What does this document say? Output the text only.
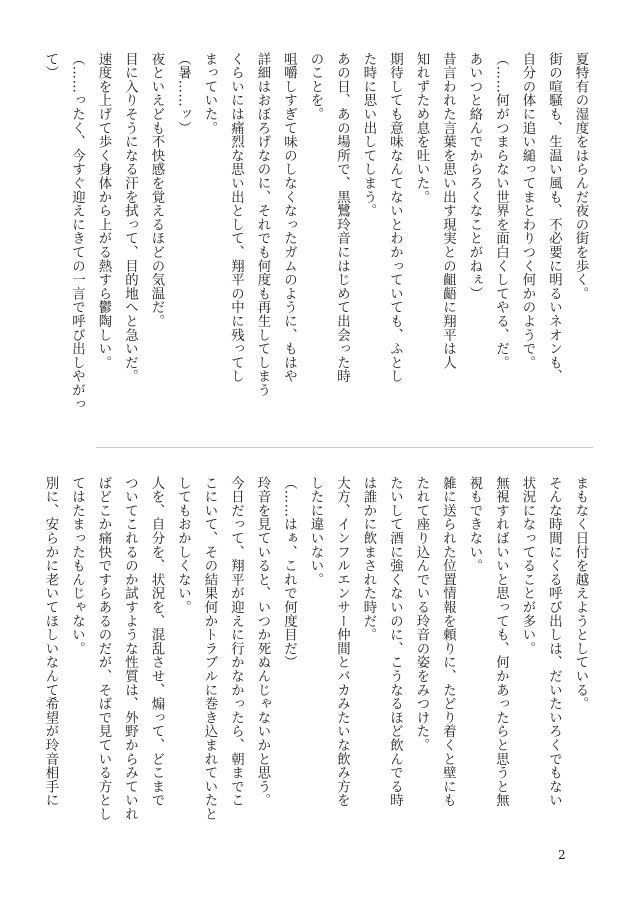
夏特有の湿度をはらんだ夜の街を歩く。

街の喧騒も、生温い風も、不必要に明るいネオンも、

自分の体に追い縋ってまとわりつく何かのようで。

（……何がつまらない世界を面白くしてやる、だ。

あいつと絡んでからろくなことがねぇ）

昔言われた言葉を思い出す現実との齟齬に翔平は人

知れずため息を吐いた。

期待しても意味なんてないとわかっていても、ふとし

た時に思い出してしまう。

あの日、あの場所で、黒鷺玲音にはじめて出会った時

のことを。

咀嚼しすぎて味のしなくなったガムのように、もはや

詳細はおぼろげなのに、それでも何度も再生してしまう

くらいには痛烈な思い出として、翔平の中に残ってし

まっていた。

（暑……ッ）

夜といえども不快感を覚えるほどの気温だ。

目に入りそうになる汗を拭って、目的地へと急いだ。

速度を上げて歩く身体から上がる熱すら鬱陶しい。

（……ったく、今すぐ迎えにきての一言で呼び出しやがっ

て）

まもなく日付を越えようとしている。

そんな時間にくる呼び出しは、だいたいろくでもない

状況になってることが多い。

無視すればいいと思っても、何かあったらと思うと無

視もできない。

雑に送られた位置情報を頼りに、たどり着くと壁にも

たれて座り込んでいる玲音の姿をみつけた。

たいして酒に強くないのに、こうなるほど飲んでる時

は誰かに飲まされた時だ。

大方、インフルエンサー仲間とバカみたいな飲み方を

したに違いない。

（……はぁ、これで何度目だ）

玲音を見ていると、いつか死ぬんじゃないかと思う。

今日だって、翔平が迎えに行かなかったら、朝までこ

こにいて、その結果何かトラブルに巻き込まれていたと

してもおかしくない。

人を、自分を、状況を、混乱させ、煽って、どこまで

ついてこれるのか試すような性質は、外野からみていれ

ばどこか痛快ですらあるのだが、そばで見ている方とし

てはたまったもんじゃない。

別に、安らかに老いてほしいなんて希望が玲音相手に

2
